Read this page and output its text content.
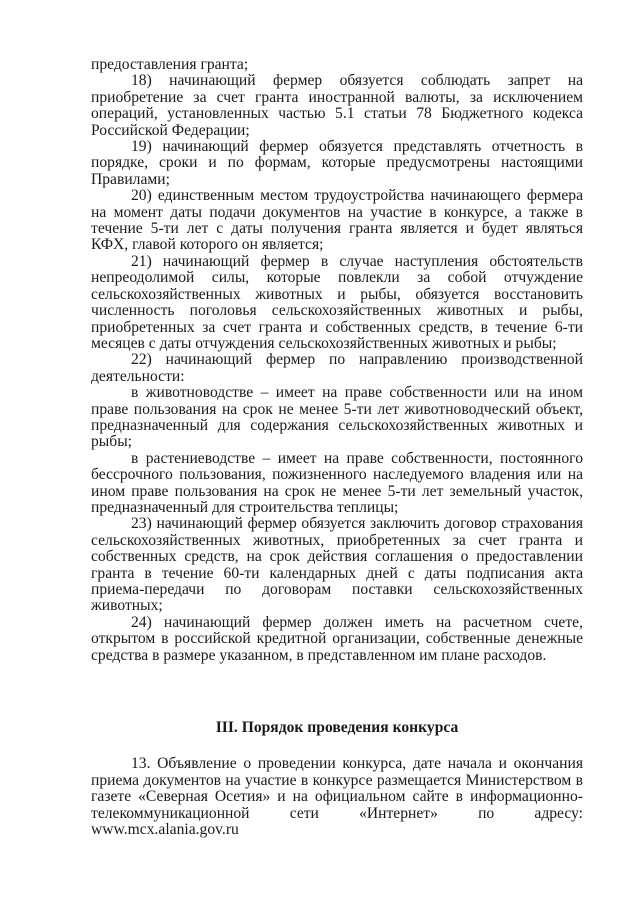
предоставления гранта;

18) начинающий фермер обязуется соблюдать запрет на приобретение за счет гранта иностранной валюты, за исключением операций, установленных частью 5.1 статьи 78 Бюджетного кодекса Российской Федерации;

19) начинающий фермер обязуется представлять отчетность в порядке, сроки и по формам, которые предусмотрены настоящими Правилами;

20) единственным местом трудоустройства начинающего фермера на момент даты подачи документов на участие в конкурсе, а также в течение 5-ти лет с даты получения гранта является и будет являться КФХ, главой которого он является;

21) начинающий фермер в случае наступления обстоятельств непреодолимой силы, которые повлекли за собой отчуждение сельскохозяйственных животных и рыбы, обязуется восстановить численность поголовья сельскохозяйственных животных и рыбы, приобретенных за счет гранта и собственных средств, в течение 6-ти месяцев с даты отчуждения сельскохозяйственных животных и рыбы;

22) начинающий фермер по направлению производственной деятельности:

в животноводстве – имеет на праве собственности или на ином праве пользования на срок не менее 5-ти лет животноводческий объект, предназначенный для содержания сельскохозяйственных животных и рыбы;

в растениеводстве – имеет на праве собственности, постоянного бессрочного пользования, пожизненного наследуемого владения или на ином праве пользования на срок не менее 5-ти лет земельный участок, предназначенный для строительства теплицы;

23) начинающий фермер обязуется заключить договор страхования сельскохозяйственных животных, приобретенных за счет гранта и собственных средств, на срок действия соглашения о предоставлении гранта в течение 60-ти календарных дней с даты подписания акта приема-передачи по договорам поставки сельскохозяйственных животных;

24) начинающий фермер должен иметь на расчетном счете, открытом в российской кредитной организации, собственные денежные средства в размере указанном, в представленном им плане расходов.

III. Порядок проведения конкурса

13. Объявление о проведении конкурса, дате начала и окончания приема документов на участие в конкурсе размещается Министерством в газете «Северная Осетия» и на официальном сайте в информационно-телекоммуникационной сети «Интернет» по адресу: www.mcx.alania.gov.ru
